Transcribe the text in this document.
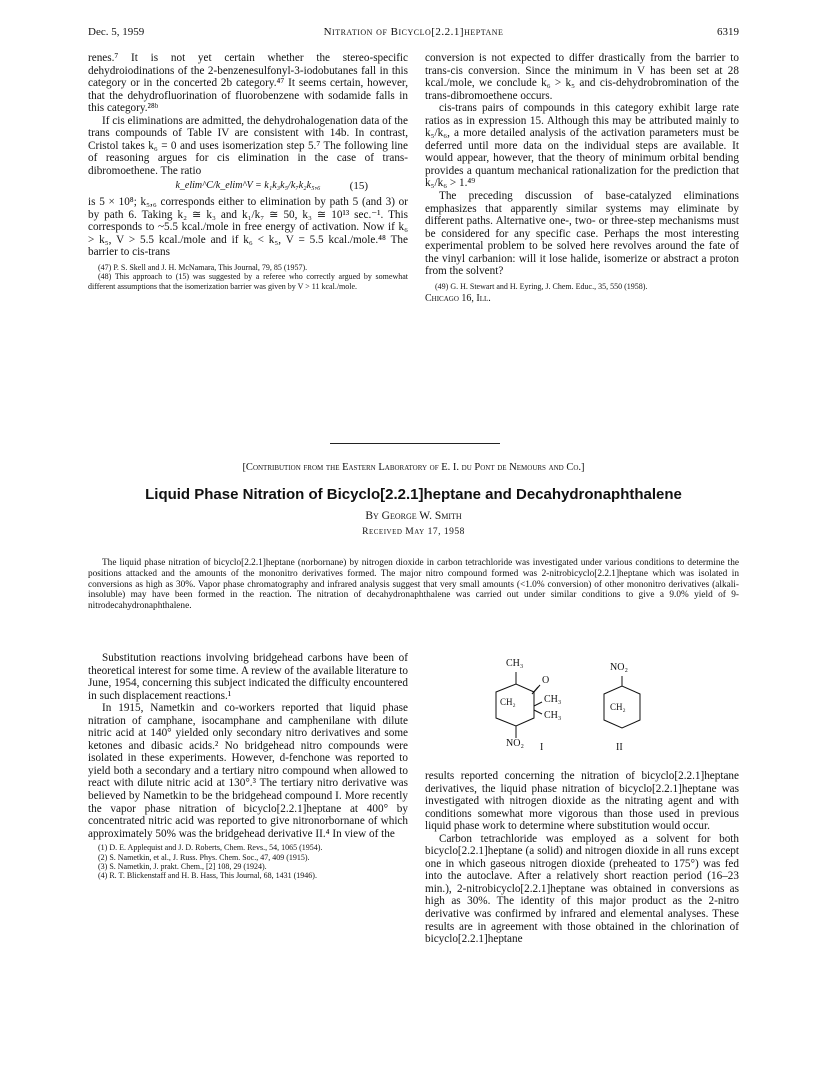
Dec. 5, 1959	Nitration of Bicyclo[2.2.1]heptane	6319

renes.⁷ It is not yet certain whether the stereo-specific dehydroiodinations of the 2-benzenesulfonyl-3-iodobutanes fall in this category or in the concerted 2b category.⁴⁷ It seems certain, however, that the dehydrofluorination of fluorobenzene with sodamide falls in this category.²⁸ᵇ

If cis eliminations are admitted, the dehydrohalogenation data of the trans compounds of Table IV are consistent with 14b. In contrast, Cristol takes k₆ = 0 and uses isomerization step 5.⁷ The following line of reasoning argues for cis elimination in the case of trans-dibromoethene. The ratio

k_elim^C/k_elim^V = k₁k₃k₅/k₇k₂k₅,₆	(15)

is 5 × 10⁸; k₅,₆ corresponds either to elimination by path 5 (and 3) or by path 6. Taking k₂ ≅ k₃ and k₁/k₇ ≅ 50, k₃ ≅ 10¹³ sec.⁻¹. This corresponds to ~5.5 kcal./mole in free energy of activation. Now if k₆ > k₅, V > 5.5 kcal./mole and if k₆ < k₅, V = 5.5 kcal./mole.⁴⁸ The barrier to cis-trans

(47) P. S. Skell and J. H. McNamara, This Journal, 79, 85 (1957).

(48) This approach to (15) was suggested by a referee who correctly argued by somewhat different assumptions that the isomerization barrier was given by V > 11 kcal./mole.

conversion is not expected to differ drastically from the barrier to trans-cis conversion. Since the minimum in V has been set at 28 kcal./mole, we conclude k₆ > k₅ and cis-dehydrobromination of the trans-dibromoethene occurs.

cis-trans pairs of compounds in this category exhibit large rate ratios as in expression 15. Although this may be attributed mainly to k₅/k₆, a more detailed analysis of the activation parameters must be deferred until more data on the individual steps are available. It would appear, however, that the theory of minimum orbital bending provides a quantum mechanical rationalization for the prediction that k₅/k₆ > 1.⁴⁹

The preceding discussion of base-catalyzed eliminations emphasizes that apparently similar systems may eliminate by different paths. Alternative one-, two- or three-step mechanisms must be considered for any specific case. Perhaps the most interesting experimental problem to be solved here revolves around the fate of the vinyl carbanion: will it lose halide, isomerize or abstract a proton from the solvent?

(49) G. H. Stewart and H. Eyring, J. Chem. Educ., 35, 550 (1958).

Chicago 16, Ill.
[Contribution from the Eastern Laboratory of E. I. du Pont de Nemours and Co.]
Liquid Phase Nitration of Bicyclo[2.2.1]heptane and Decahydronaphthalene
By George W. Smith
Received May 17, 1958

The liquid phase nitration of bicyclo[2.2.1]heptane (norbornane) by nitrogen dioxide in carbon tetrachloride was investigated under various conditions to determine the positions attacked and the amounts of the mononitro derivatives formed. The major nitro compound formed was 2-nitrobicyclo[2.2.1]heptane which was isolated in conversions as high as 30%. Vapor phase chromatography and infrared analysis suggest that very small amounts (<1.0% conversion) of other mononitro derivatives (alkali-insoluble) may have been formed in the reaction. The nitration of decahydronaphthalene was carried out under similar conditions to give a 9.0% yield of 9-nitrodecahydronaphthalene.

Substitution reactions involving bridgehead carbons have been of theoretical interest for some time. A review of the available literature to June, 1954, concerning this subject indicated the difficulty encountered in such displacement reactions.¹

In 1915, Nametkin and co-workers reported that liquid phase nitration of camphane, isocamphane and camphenilane with dilute nitric acid at 140° yielded only secondary nitro derivatives and some ketones and dibasic acids.² No bridgehead nitro compounds were isolated in these experiments. However, d-fenchone was reported to yield both a secondary and a tertiary nitro compound when allowed to react with dilute nitric acid at 130°.³ The tertiary nitro derivative was believed by Nametkin to be the bridgehead compound I. More recently the vapor phase nitration of bicyclo[2.2.1]heptane at 400° by concentrated nitric acid was reported to give nitronorbornane of which approximately 50% was the bridgehead derivative II.⁴ In view of the

(1) D. E. Applequist and J. D. Roberts, Chem. Revs., 54, 1065 (1954).

(2) S. Nametkin, et al., J. Russ. Phys. Chem. Soc., 47, 409 (1915).

(3) S. Nametkin, J. prakt. Chem., [2] 108, 29 (1924).

(4) R. T. Blickenstaff and H. B. Hass, This Journal, 68, 1431 (1946).

CH₃
O
CH₂	CH₃
CH₃
NO₂ I
NO₂
CH₂
II

results reported concerning the nitration of bicyclo[2.2.1]heptane derivatives, the liquid phase nitration of bicyclo[2.2.1]heptane was investigated with nitrogen dioxide as the nitrating agent and with conditions somewhat more vigorous than those used in previous liquid phase work to determine where substitution would occur.

Carbon tetrachloride was employed as a solvent for both bicyclo[2.2.1]heptane (a solid) and nitrogen dioxide in all runs except one in which gaseous nitrogen dioxide (preheated to 175°) was fed into the autoclave. After a relatively short reaction period (16–23 min.), 2-nitrobicyclo[2.2.1]heptane was obtained in conversions as high as 30%. The identity of this major product as the 2-nitro derivative was confirmed by infrared and elemental analyses. These results are in agreement with those obtained in the chlorination of bicyclo[2.2.1]heptane
